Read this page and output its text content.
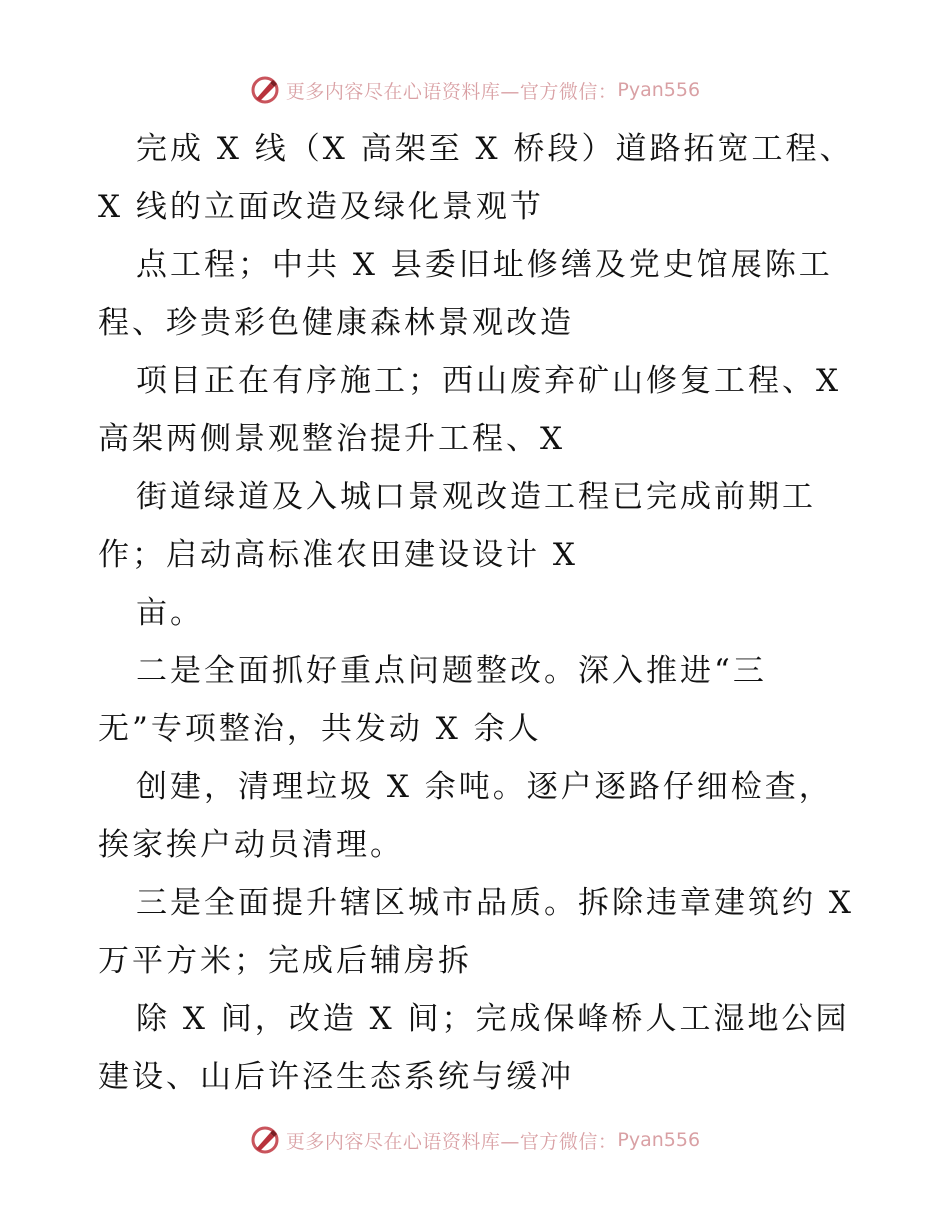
更多内容尽在心语资料库—官方微信： Pyan556
完成 X 线（X 高架至 X 桥段）道路拓宽工程、
X 线的立面改造及绿化景观节
点工程；中共 X 县委旧址修缮及党史馆展陈工
程、珍贵彩色健康森林景观改造
项目正在有序施工；西山废弃矿山修复工程、X
高架两侧景观整治提升工程、X
街道绿道及入城口景观改造工程已完成前期工
作；启动高标准农田建设设计 X
亩。
二是全面抓好重点问题整改。深入推进“三
无”专项整治，共发动 X 余人
创建，清理垃圾 X 余吨。逐户逐路仔细检查，
挨家挨户动员清理。
三是全面提升辖区城市品质。拆除违章建筑约 X
万平方米；完成后辅房拆
除 X 间，改造 X 间；完成保峰桥人工湿地公园
建设、山后许泾生态系统与缓冲
更多内容尽在心语资料库—官方微信： Pyan556
